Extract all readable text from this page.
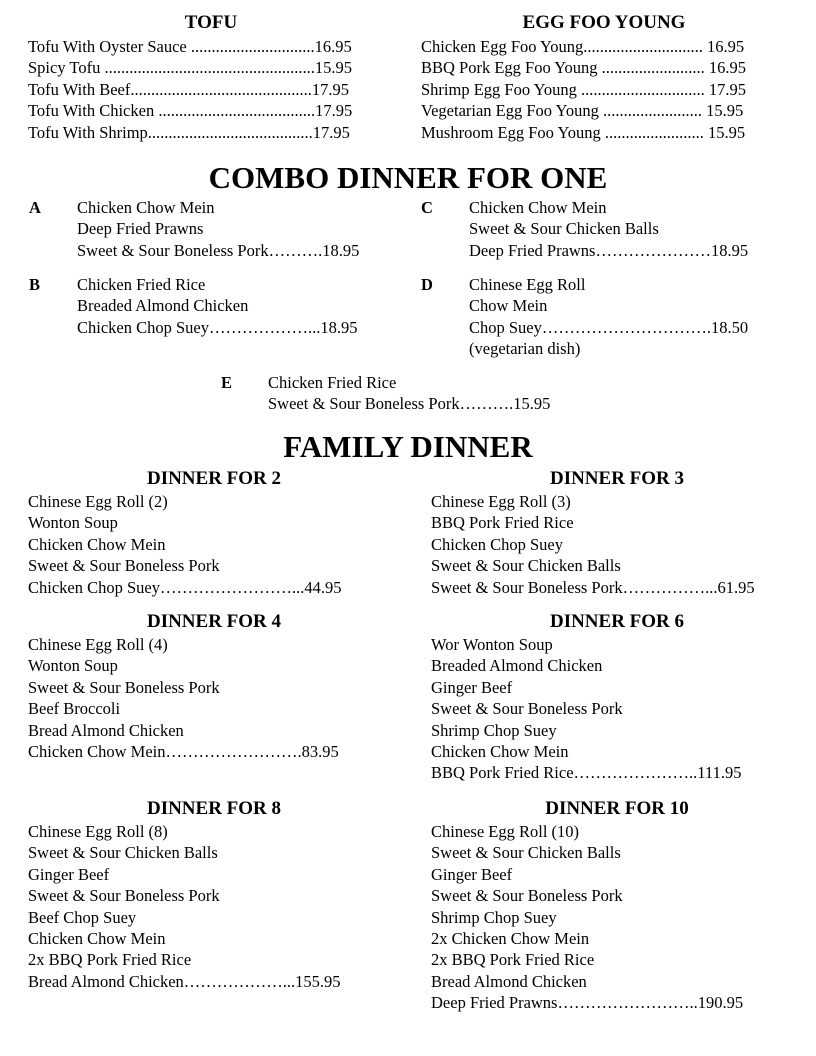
TOFU
Tofu With Oyster Sauce ..............................16.95
Spicy Tofu ...................................................15.95
Tofu With Beef............................................17.95
Tofu With Chicken ......................................17.95
Tofu With Shrimp........................................17.95
EGG FOO YOUNG
Chicken Egg Foo Young............................. 16.95
BBQ Pork Egg Foo Young ......................... 16.95
Shrimp Egg Foo Young .............................. 17.95
Vegetarian Egg Foo Young ........................ 15.95
Mushroom Egg Foo Young ........................ 15.95
COMBO DINNER FOR ONE
A Chicken Chow Mein
Deep Fried Prawns
Sweet & Sour Boneless Pork……….18.95
C Chicken Chow Mein
Sweet & Sour Chicken Balls
Deep Fried Prawns…………………18.95
B Chicken Fried Rice
Breaded Almond Chicken
Chicken Chop Suey………………...18.95
D Chinese Egg Roll
Chow Mein
Chop Suey………………………….18.50
(vegetarian dish)
E Chicken Fried Rice
Sweet & Sour Boneless Pork……….15.95
FAMILY DINNER
DINNER FOR 2
Chinese Egg Roll (2)
Wonton Soup
Chicken Chow Mein
Sweet & Sour Boneless Pork
Chicken Chop Suey……………………...44.95
DINNER FOR 3
Chinese Egg Roll (3)
BBQ Pork Fried Rice
Chicken Chop Suey
Sweet & Sour Chicken Balls
Sweet & Sour Boneless Pork……………...61.95
DINNER FOR 4
Chinese Egg Roll (4)
Wonton Soup
Sweet & Sour Boneless Pork
Beef Broccoli
Bread Almond Chicken
Chicken Chow Mein…………………….83.95
DINNER FOR 6
Wor Wonton Soup
Breaded Almond Chicken
Ginger Beef
Sweet & Sour Boneless Pork
Shrimp Chop Suey
Chicken Chow Mein
BBQ Pork Fried Rice…………………..111.95
DINNER FOR 8
Chinese Egg Roll (8)
Sweet & Sour Chicken Balls
Ginger Beef
Sweet & Sour Boneless Pork
Beef Chop Suey
Chicken Chow Mein
2x BBQ Pork Fried Rice
Bread Almond Chicken………………...155.95
DINNER FOR 10
Chinese Egg Roll (10)
Sweet & Sour Chicken Balls
Ginger Beef
Sweet & Sour Boneless Pork
Shrimp Chop Suey
2x Chicken Chow Mein
2x BBQ Pork Fried Rice
Bread Almond Chicken
Deep Fried Prawns……………………..190.95
